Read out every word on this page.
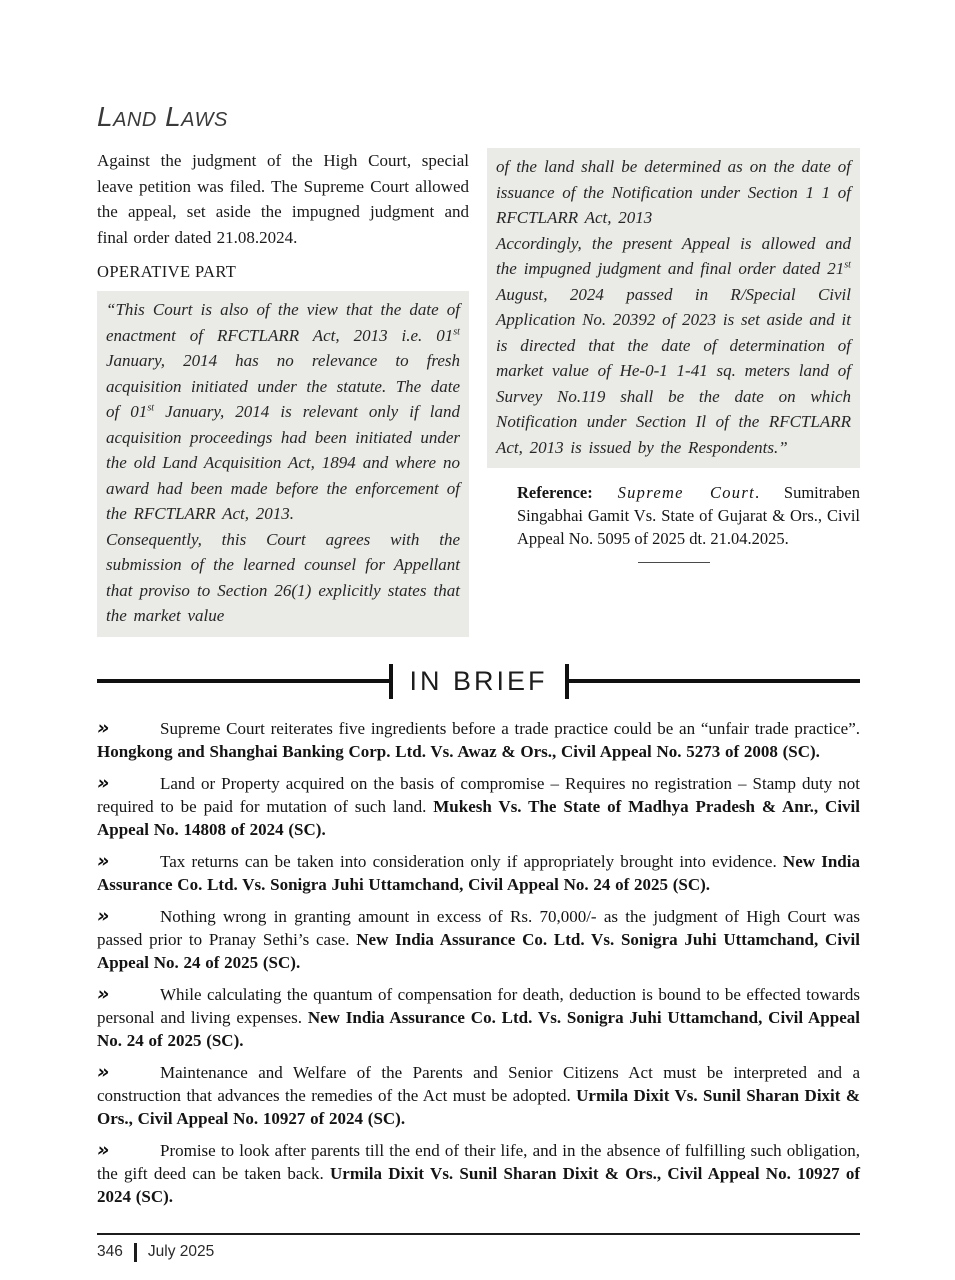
Land Laws

Against the judgment of the High Court, special leave petition was filed. The Supreme Court allowed the appeal, set aside the impugned judgment and final order dated 21.08.2024.

OPERATIVE PART

“This Court is also of the view that the date of enactment of RFCTLARR Act, 2013 i.e. 01st January, 2014 has no relevance to fresh acquisition initiated under the statute. The date of 01st January, 2014 is relevant only if land acquisition proceedings had been initiated under the old Land Acquisition Act, 1894 and where no award had been made before the enforcement of the RFCTLARR Act, 2013.

Consequently, this Court agrees with the submission of the learned counsel for Appellant that proviso to Section 26(1) explicitly states that the market value

of the land shall be determined as on the date of issuance of the Notification under Section 1 1 of RFCTLARR Act, 2013

Accordingly, the present Appeal is allowed and the impugned judgment and final order dated 21st August, 2024 passed in R/Special Civil Application No. 20392 of 2023 is set aside and it is directed that the date of determination of market value of He-0-1 1-41 sq. meters land of Survey No.119 shall be the date on which Notification under Section Il of the RFCTLARR Act, 2013 is issued by the Respondents.”

Reference: Supreme Court. Sumitraben Singabhai Gamit Vs. State of Gujarat & Ors., Civil Appeal No. 5095 of 2025 dt. 21.04.2025.
IN BRIEF

»	Supreme Court reiterates five ingredients before a trade practice could be an “unfair trade practice”. Hongkong and Shanghai Banking Corp. Ltd. Vs. Awaz & Ors., Civil Appeal No. 5273 of 2008 (SC).

»	Land or Property acquired on the basis of compromise – Requires no registration – Stamp duty not required to be paid for mutation of such land. Mukesh Vs. The State of Madhya Pradesh & Anr., Civil Appeal No. 14808 of 2024 (SC).

»	Tax returns can be taken into consideration only if appropriately brought into evidence. New India Assurance Co. Ltd. Vs. Sonigra Juhi Uttamchand, Civil Appeal No. 24 of 2025 (SC).

»	Nothing wrong in granting amount in excess of Rs. 70,000/- as the judgment of High Court was passed prior to Pranay Sethi’s case. New India Assurance Co. Ltd. Vs. Sonigra Juhi Uttamchand, Civil Appeal No. 24 of 2025 (SC).

»	While calculating the quantum of compensation for death, deduction is bound to be effected towards personal and living expenses. New India Assurance Co. Ltd. Vs. Sonigra Juhi Uttamchand, Civil Appeal No. 24 of 2025 (SC).

»	Maintenance and Welfare of the Parents and Senior Citizens Act must be interpreted and a construction that advances the remedies of the Act must be adopted. Urmila Dixit Vs. Sunil Sharan Dixit & Ors., Civil Appeal No. 10927 of 2024 (SC).

»	Promise to look after parents till the end of their life, and in the absence of fulfilling such obligation, the gift deed can be taken back. Urmila Dixit Vs. Sunil Sharan Dixit & Ors., Civil Appeal No. 10927 of 2024 (SC).

346 July 2025
